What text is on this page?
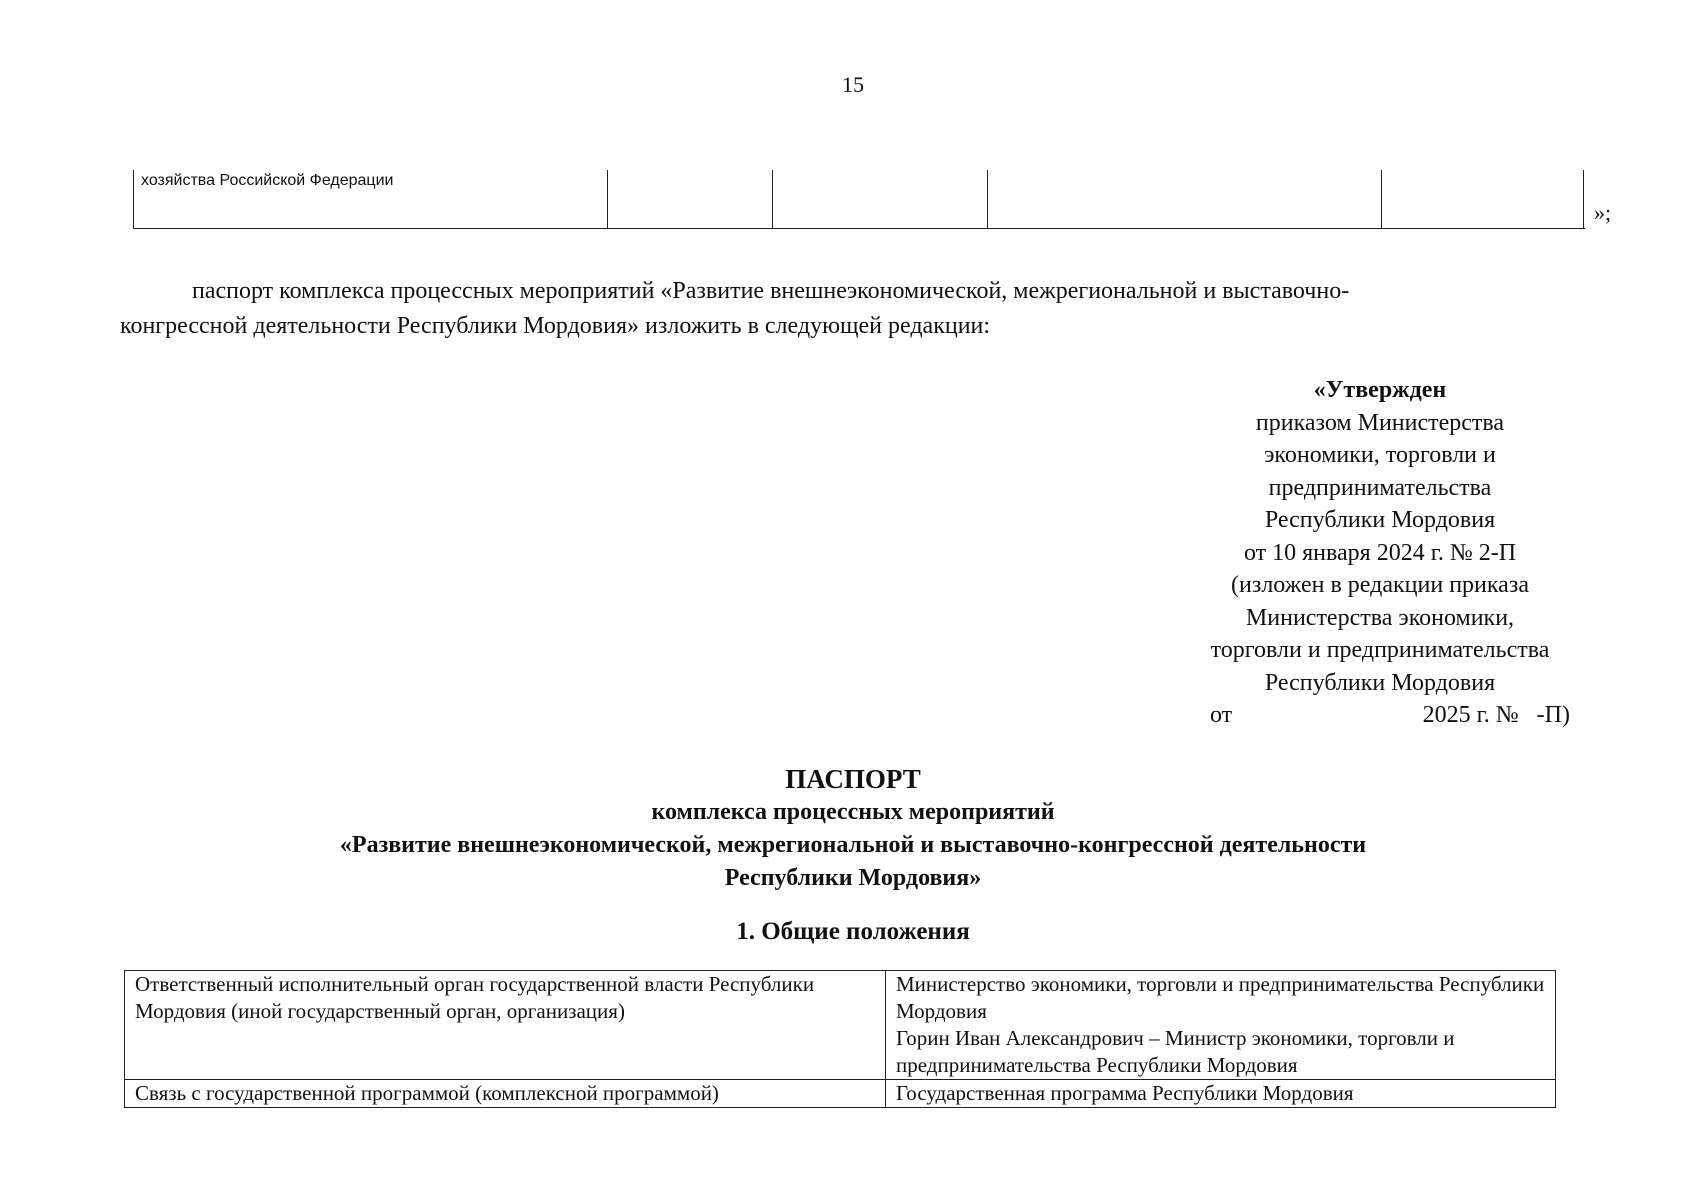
15
хозяйства Российской Федерации
»;
паспорт комплекса процессных мероприятий «Развитие внешнеэкономической, межрегиональной и выставочно-
конгрессной деятельности Республики Мордовия» изложить в следующей редакции:
«Утвержден
приказом Министерства
экономики, торговли и
предпринимательства
Республики Мордовия
от 10 января 2024 г. № 2-П
(изложен в редакции приказа
Министерства экономики,
торговли и предпринимательства
Республики Мордовия
от	2025 г. №   -П)
ПАСПОРТ
комплекса процессных мероприятий
«Развитие внешнеэкономической, межрегиональной и выставочно-конгрессной деятельности
Республики Мордовия»
1. Общие положения
Ответственный исполнительный орган государственной власти Республики Мордовия (иной государственный орган, организация)	Министерство экономики, торговли и предпринимательства Республики Мордовия
Горин Иван Александрович – Министр экономики, торговли и предпринимательства Республики Мордовия

Связь с государственной программой (комплексной программой)	Государственная программа Республики Мордовия
